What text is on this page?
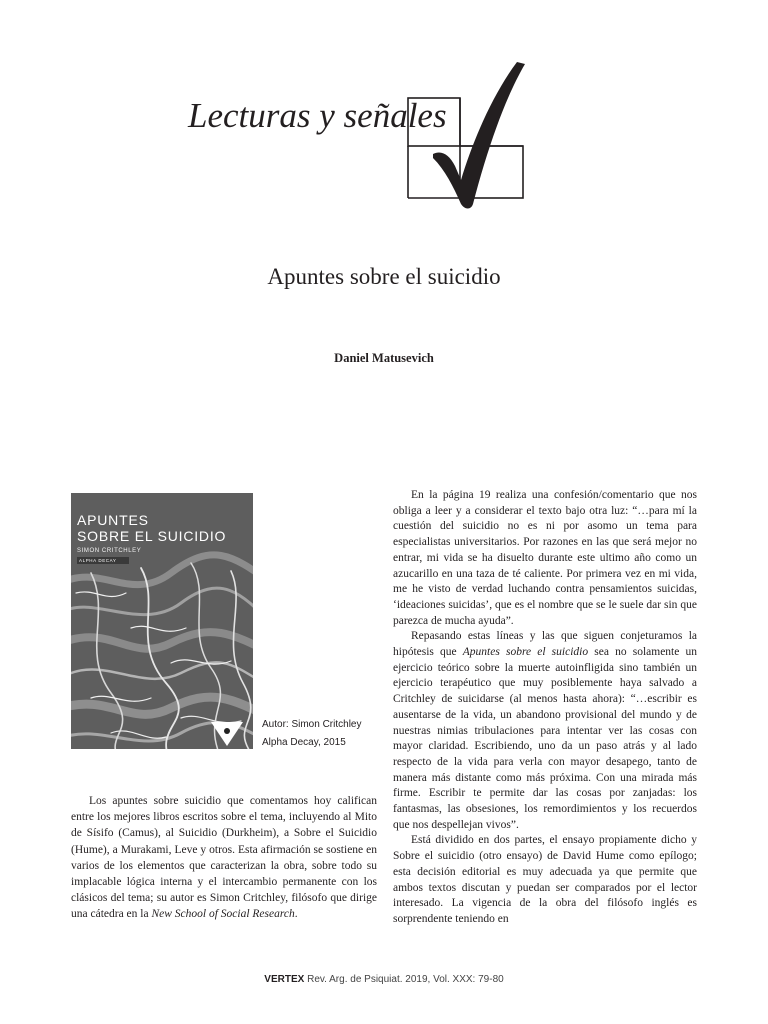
Lecturas y señales
Apuntes sobre el suicidio
Daniel Matusevich
APUNTES
SOBRE EL SUICIDIO
SIMON CRITCHLEY
ALPHA DECAY
Autor: Simon Critchley
Alpha Decay, 2015

Los apuntes sobre suicidio que comentamos hoy califican entre los mejores libros escritos sobre el tema, incluyendo al Mito de Sísifo (Camus), al Suicidio (Durkheim), a Sobre el Suicidio (Hume), a Murakami, Leve y otros. Esta afirmación se sostiene en varios de los elementos que caracterizan la obra, sobre todo su implacable lógica interna y el intercambio permanente con los clásicos del tema; su autor es Simon Critchley, filósofo que dirige una cátedra en la New School of Social Research.

En la página 19 realiza una confesión/comentario que nos obliga a leer y a considerar el texto bajo otra luz: “…para mí la cuestión del suicidio no es ni por asomo un tema para especialistas universitarios. Por razones en las que será mejor no entrar, mi vida se ha disuelto durante este ultimo año como un azucarillo en una taza de té caliente. Por primera vez en mi vida, me he visto de verdad luchando contra pensamientos suicidas, ‘ideaciones suicidas’, que es el nombre que se le suele dar sin que parezca de mucha ayuda”.

Repasando estas líneas y las que siguen conjeturamos la hipótesis que Apuntes sobre el suicidio sea no solamente un ejercicio teórico sobre la muerte autoinfligida sino también un ejercicio terapéutico que muy posiblemente haya salvado a Critchley de suicidarse (al menos hasta ahora): “…escribir es ausentarse de la vida, un abandono provisional del mundo y de nuestras nimias tribulaciones para intentar ver las cosas con mayor claridad. Escribiendo, uno da un paso atrás y al lado respecto de la vida para verla con mayor desapego, tanto de manera más distante como más próxima. Con una mirada más firme. Escribir te permite dar las cosas por zanjadas: los fantasmas, las obsesiones, los remordimientos y los recuerdos que nos despellejan vivos”.

Está dividido en dos partes, el ensayo propiamente dicho y Sobre el suicidio (otro ensayo) de David Hume como epílogo; esta decisión editorial es muy adecuada ya que permite que ambos textos discutan y puedan ser comparados por el lector interesado. La vigencia de la obra del filósofo inglés es sorprendente teniendo en

VERTEX Rev. Arg. de Psiquiat. 2019, Vol. XXX: 79-80
